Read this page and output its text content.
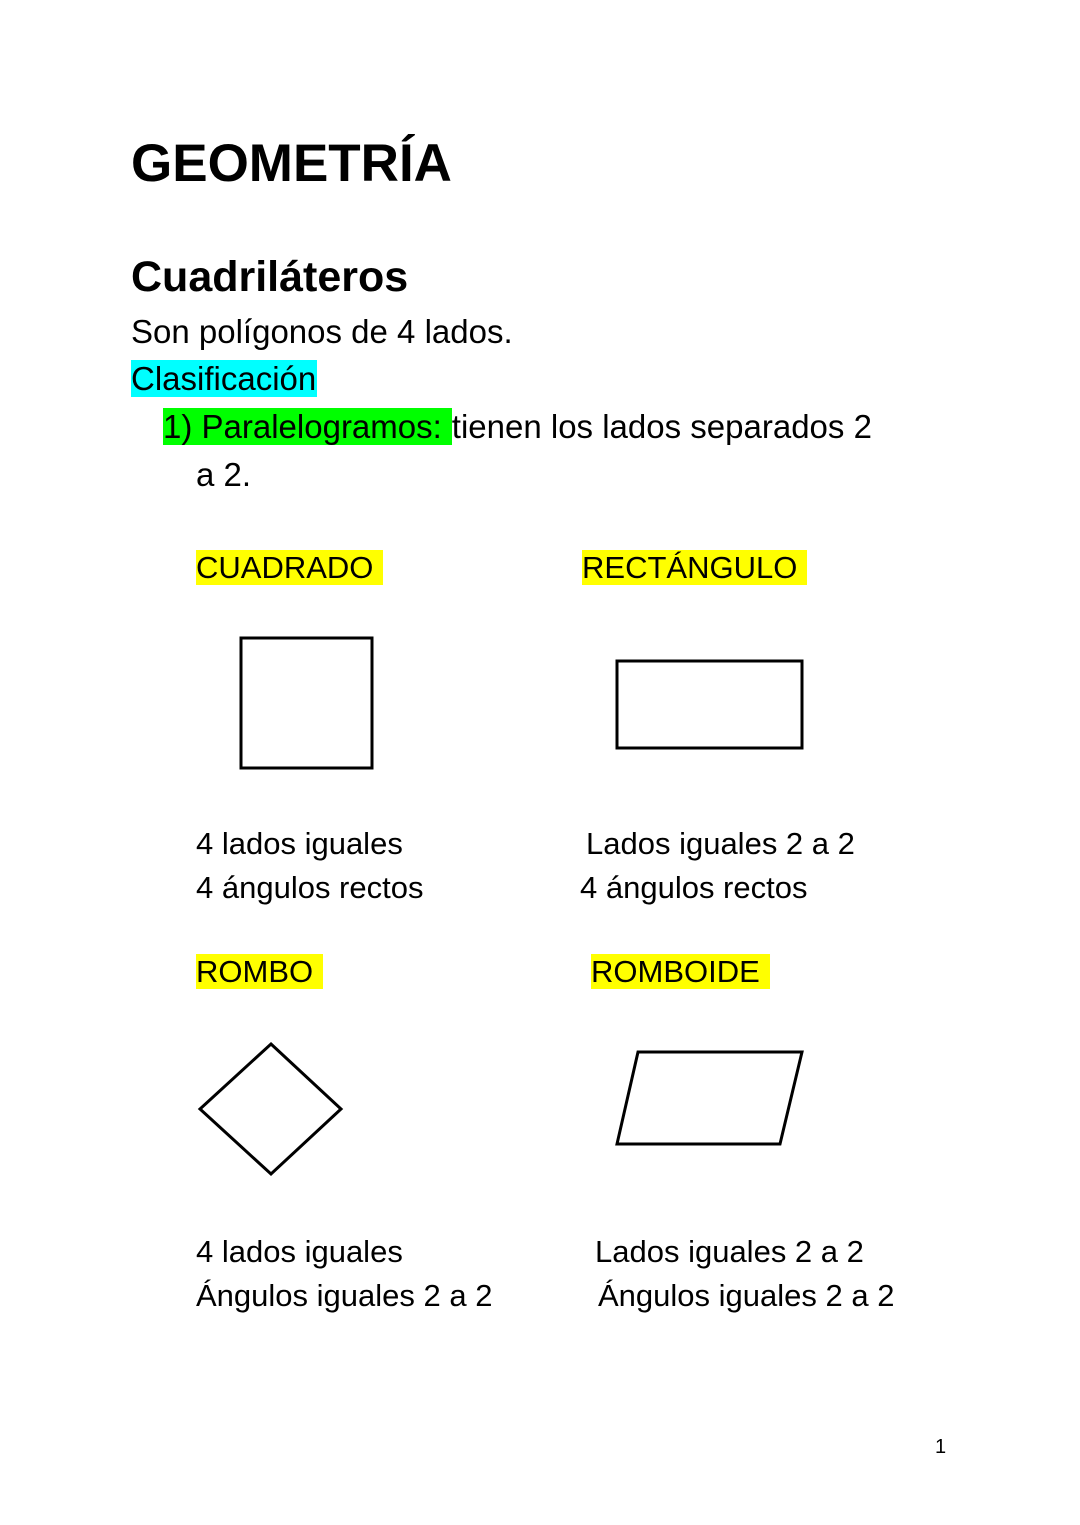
GEOMETRÍA
Cuadriláteros
Son polígonos de 4 lados.
Clasificación
1) Paralelogramos: tienen los lados separados 2
a 2.
CUADRADO	RECTÁNGULO
ROMBO	ROMBOIDE
4 lados iguales
4 ángulos rectos
Lados iguales 2 a 2
4 ángulos rectos
4 lados iguales
Ángulos iguales 2 a 2
Lados iguales 2 a 2
Ángulos iguales 2 a 2
1
